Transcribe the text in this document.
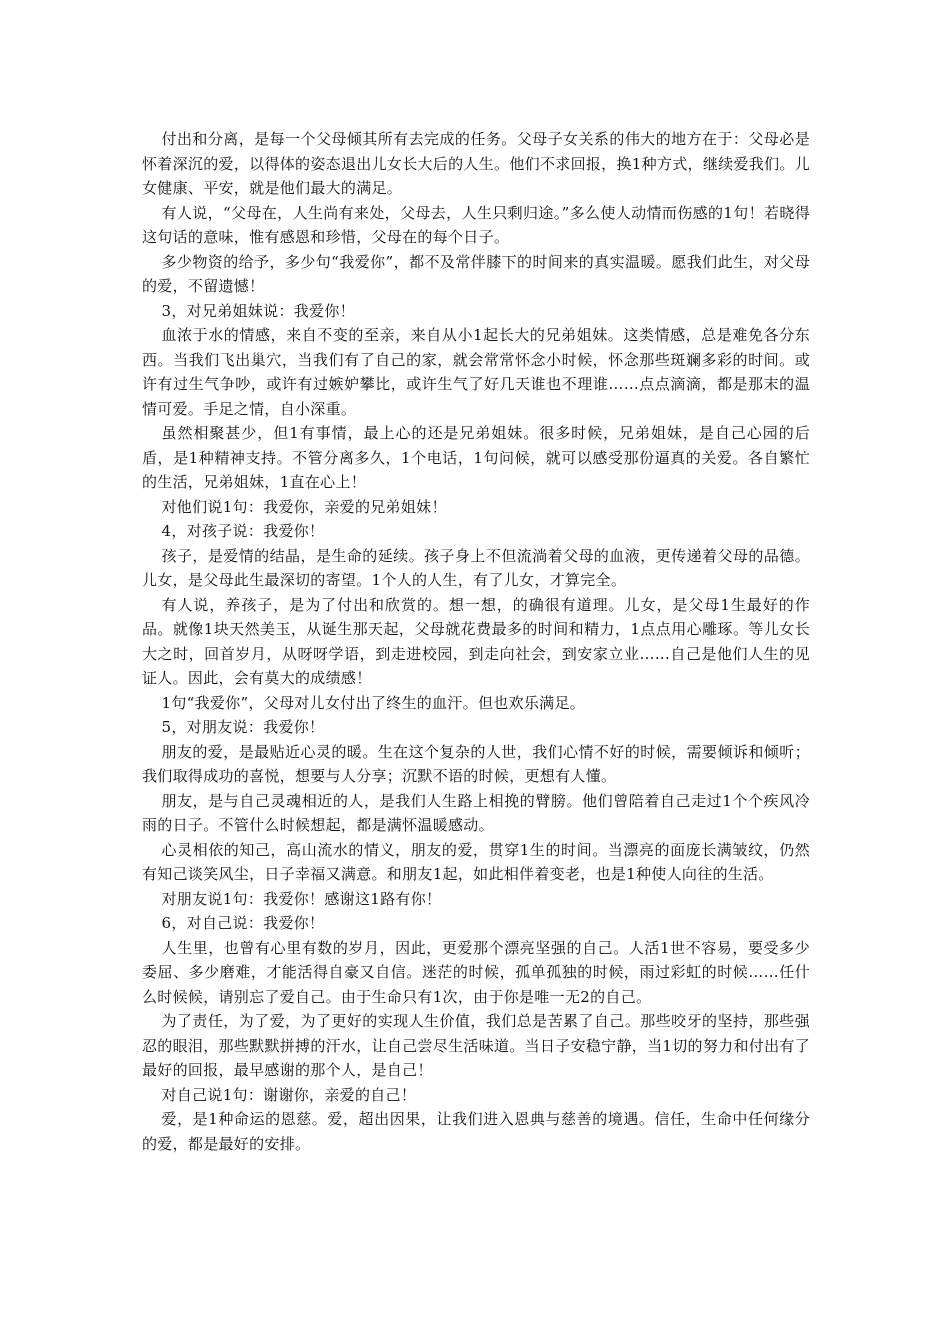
付出和分离，是每一个父母倾其所有去完成的任务。父母子女关系的伟大的地方在于：父母必是怀着深沉的爱，以得体的姿态退出儿女长大后的人生。他们不求回报，换1种方式，继续爱我们。儿女健康、平安，就是他们最大的满足。

有人说，“父母在，人生尚有来处，父母去，人生只剩归途。”多么使人动情而伤感的1句！若晓得这句话的意味，惟有感恩和珍惜，父母在的每个日子。

多少物资的给予，多少句“我爱你”，都不及常伴膝下的时间来的真实温暖。愿我们此生，对父母的爱，不留遗憾！

3，对兄弟姐妹说：我爱你！

血浓于水的情感，来自不变的至亲，来自从小1起长大的兄弟姐妹。这类情感，总是难免各分东西。当我们飞出巢穴，当我们有了自己的家，就会常常怀念小时候，怀念那些斑斓多彩的时间。或许有过生气争吵，或许有过嫉妒攀比，或许生气了好几天谁也不理谁……点点滴滴，都是那末的温情可爱。手足之情，自小深重。

虽然相聚甚少，但1有事情，最上心的还是兄弟姐妹。很多时候，兄弟姐妹，是自己心园的后盾，是1种精神支持。不管分离多久，1个电话，1句问候，就可以感受那份逼真的关爱。各自繁忙的生活，兄弟姐妹，1直在心上！

对他们说1句：我爱你，亲爱的兄弟姐妹！

4，对孩子说：我爱你！

孩子，是爱情的结晶，是生命的延续。孩子身上不但流淌着父母的血液，更传递着父母的品德。儿女，是父母此生最深切的寄望。1个人的人生，有了儿女，才算完全。

有人说，养孩子，是为了付出和欣赏的。想一想，的确很有道理。儿女，是父母1生最好的作品。就像1块天然美玉，从诞生那天起，父母就花费最多的时间和精力，1点点用心雕琢。等儿女长大之时，回首岁月，从呀呀学语，到走进校园，到走向社会，到安家立业……自己是他们人生的见证人。因此，会有莫大的成绩感！

1句“我爱你”，父母对儿女付出了终生的血汗。但也欢乐满足。

5，对朋友说：我爱你！

朋友的爱，是最贴近心灵的暖。生在这个复杂的人世，我们心情不好的时候，需要倾诉和倾听；我们取得成功的喜悦，想要与人分享；沉默不语的时候，更想有人懂。

朋友，是与自己灵魂相近的人，是我们人生路上相挽的臂膀。他们曾陪着自己走过1个个疾风冷雨的日子。不管什么时候想起，都是满怀温暖感动。

心灵相依的知己，高山流水的情义，朋友的爱，贯穿1生的时间。当漂亮的面庞长满皱纹，仍然有知己谈笑风尘，日子幸福又满意。和朋友1起，如此相伴着变老，也是1种使人向往的生活。

对朋友说1句：我爱你！感谢这1路有你！

6，对自己说：我爱你！

人生里，也曾有心里有数的岁月，因此，更爱那个漂亮坚强的自己。人活1世不容易，要受多少委屈、多少磨难，才能活得自豪又自信。迷茫的时候，孤单孤独的时候，雨过彩虹的时候……任什么时候候，请别忘了爱自己。由于生命只有1次，由于你是唯一无2的自己。

为了责任，为了爱，为了更好的实现人生价值，我们总是苦累了自己。那些咬牙的坚持，那些强忍的眼泪，那些默默拼搏的汗水，让自己尝尽生活味道。当日子安稳宁静，当1切的努力和付出有了最好的回报，最早感谢的那个人，是自己！

对自己说1句：谢谢你，亲爱的自己！

爱，是1种命运的恩慈。爱，超出因果，让我们进入恩典与慈善的境遇。信任，生命中任何缘分的爱，都是最好的安排。
